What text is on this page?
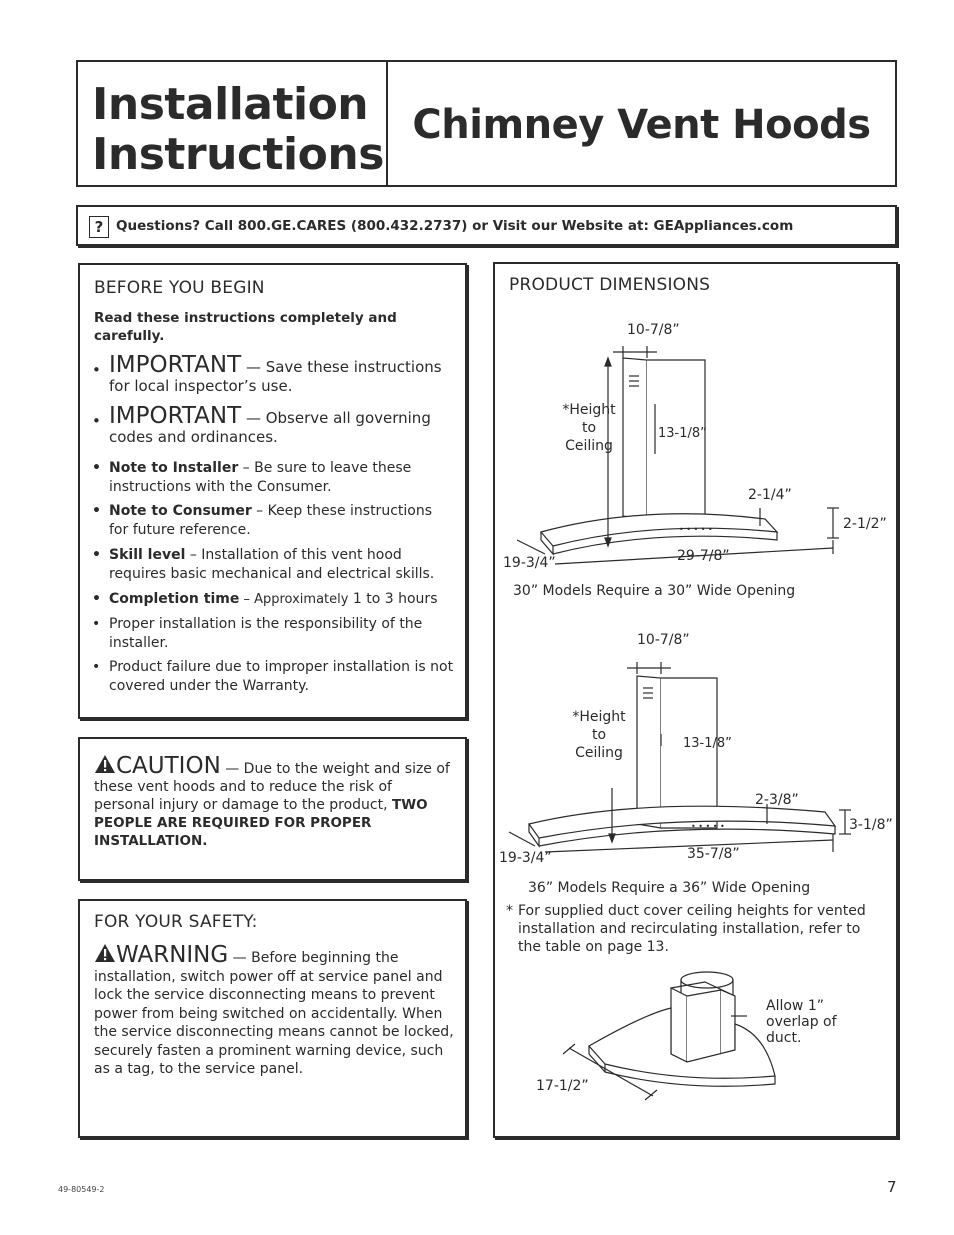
Installation
Instructions
Chimney Vent Hoods
? Questions? Call 800.GE.CARES (800.432.2737) or Visit our Website at: GEAppliances.com
BEFORE YOU BEGIN
Read these instructions completely and carefully.
• IMPORTANT — Save these instructions for local inspector’s use.
• IMPORTANT — Observe all governing codes and ordinances.
• Note to Installer – Be sure to leave these instructions with the Consumer.
• Note to Consumer – Keep these instructions for future reference.
• Skill level – Installation of this vent hood requires basic mechanical and electrical skills.
• Completion time – Approximately 1 to 3 hours
• Proper installation is the responsibility of the installer.
• Product failure due to improper installation is not covered under the Warranty.
CAUTION — Due to the weight and size of these vent hoods and to reduce the risk of personal injury or damage to the product, TWO PEOPLE ARE REQUIRED FOR PROPER INSTALLATION.
FOR YOUR SAFETY:
WARNING — Before beginning the installation, switch power off at service panel and lock the service disconnecting means to prevent power from being switched on accidentally. When the service disconnecting means cannot be locked, securely fasten a prominent warning device, such as a tag, to the service panel.
PRODUCT DIMENSIONS
• • • • •
• • • • •
10-7/8”
*Height
to
Ceiling
13-1/8”
2-1/4”
2-1/2”
19-3/4”	29-7/8”
30” Models Require a 30” Wide Opening
10-7/8”
*Height
to
Ceiling
13-1/8”
2-3/8”
3-1/8”
19-3/4”	35-7/8”
36” Models Require a 36” Wide Opening
* For supplied duct cover ceiling heights for vented installation and recirculating installation, refer to the table on page 13.
Allow 1”
overlap of
duct.
17-1/2”
49-80549-2	7
